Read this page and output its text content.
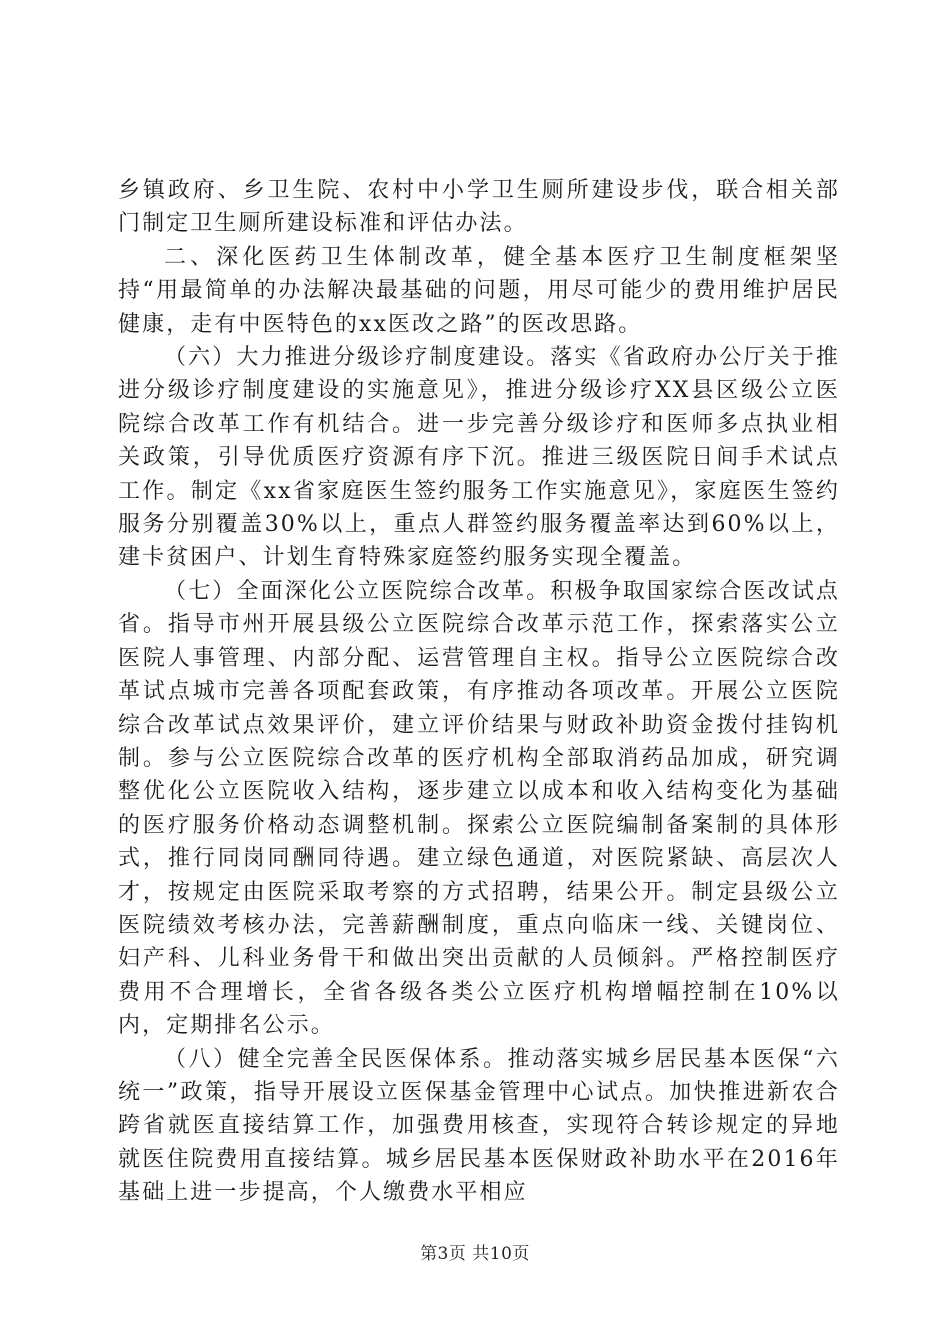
乡镇政府、乡卫生院、农村中小学卫生厕所建设步伐，联合相关部门制定卫生厕所建设标准和评估办法。

二、深化医药卫生体制改革，健全基本医疗卫生制度框架坚持“用最简单的办法解决最基础的问题，用尽可能少的费用维护居民健康，走有中医特色的xx医改之路”的医改思路。

（六）大力推进分级诊疗制度建设。落实《省政府办公厅关于推进分级诊疗制度建设的实施意见》，推进分级诊疗XX县区级公立医院综合改革工作有机结合。进一步完善分级诊疗和医师多点执业相关政策，引导优质医疗资源有序下沉。推进三级医院日间手术试点工作。制定《xx省家庭医生签约服务工作实施意见》，家庭医生签约服务分别覆盖30%以上，重点人群签约服务覆盖率达到60%以上，建卡贫困户、计划生育特殊家庭签约服务实现全覆盖。

（七）全面深化公立医院综合改革。积极争取国家综合医改试点省。指导市州开展县级公立医院综合改革示范工作，探索落实公立医院人事管理、内部分配、运营管理自主权。指导公立医院综合改革试点城市完善各项配套政策，有序推动各项改革。开展公立医院综合改革试点效果评价，建立评价结果与财政补助资金拨付挂钩机制。参与公立医院综合改革的医疗机构全部取消药品加成，研究调整优化公立医院收入结构，逐步建立以成本和收入结构变化为基础的医疗服务价格动态调整机制。探索公立医院编制备案制的具体形式，推行同岗同酬同待遇。建立绿色通道，对医院紧缺、高层次人才，按规定由医院采取考察的方式招聘，结果公开。制定县级公立医院绩效考核办法，完善薪酬制度，重点向临床一线、关键岗位、妇产科、儿科业务骨干和做出突出贡献的人员倾斜。严格控制医疗费用不合理增长，全省各级各类公立医疗机构增幅控制在10%以内，定期排名公示。

（八）健全完善全民医保体系。推动落实城乡居民基本医保“六统一”政策，指导开展设立医保基金管理中心试点。加快推进新农合跨省就医直接结算工作，加强费用核查，实现符合转诊规定的异地就医住院费用直接结算。城乡居民基本医保财政补助水平在2016年基础上进一步提高，个人缴费水平相应

第3页 共10页
